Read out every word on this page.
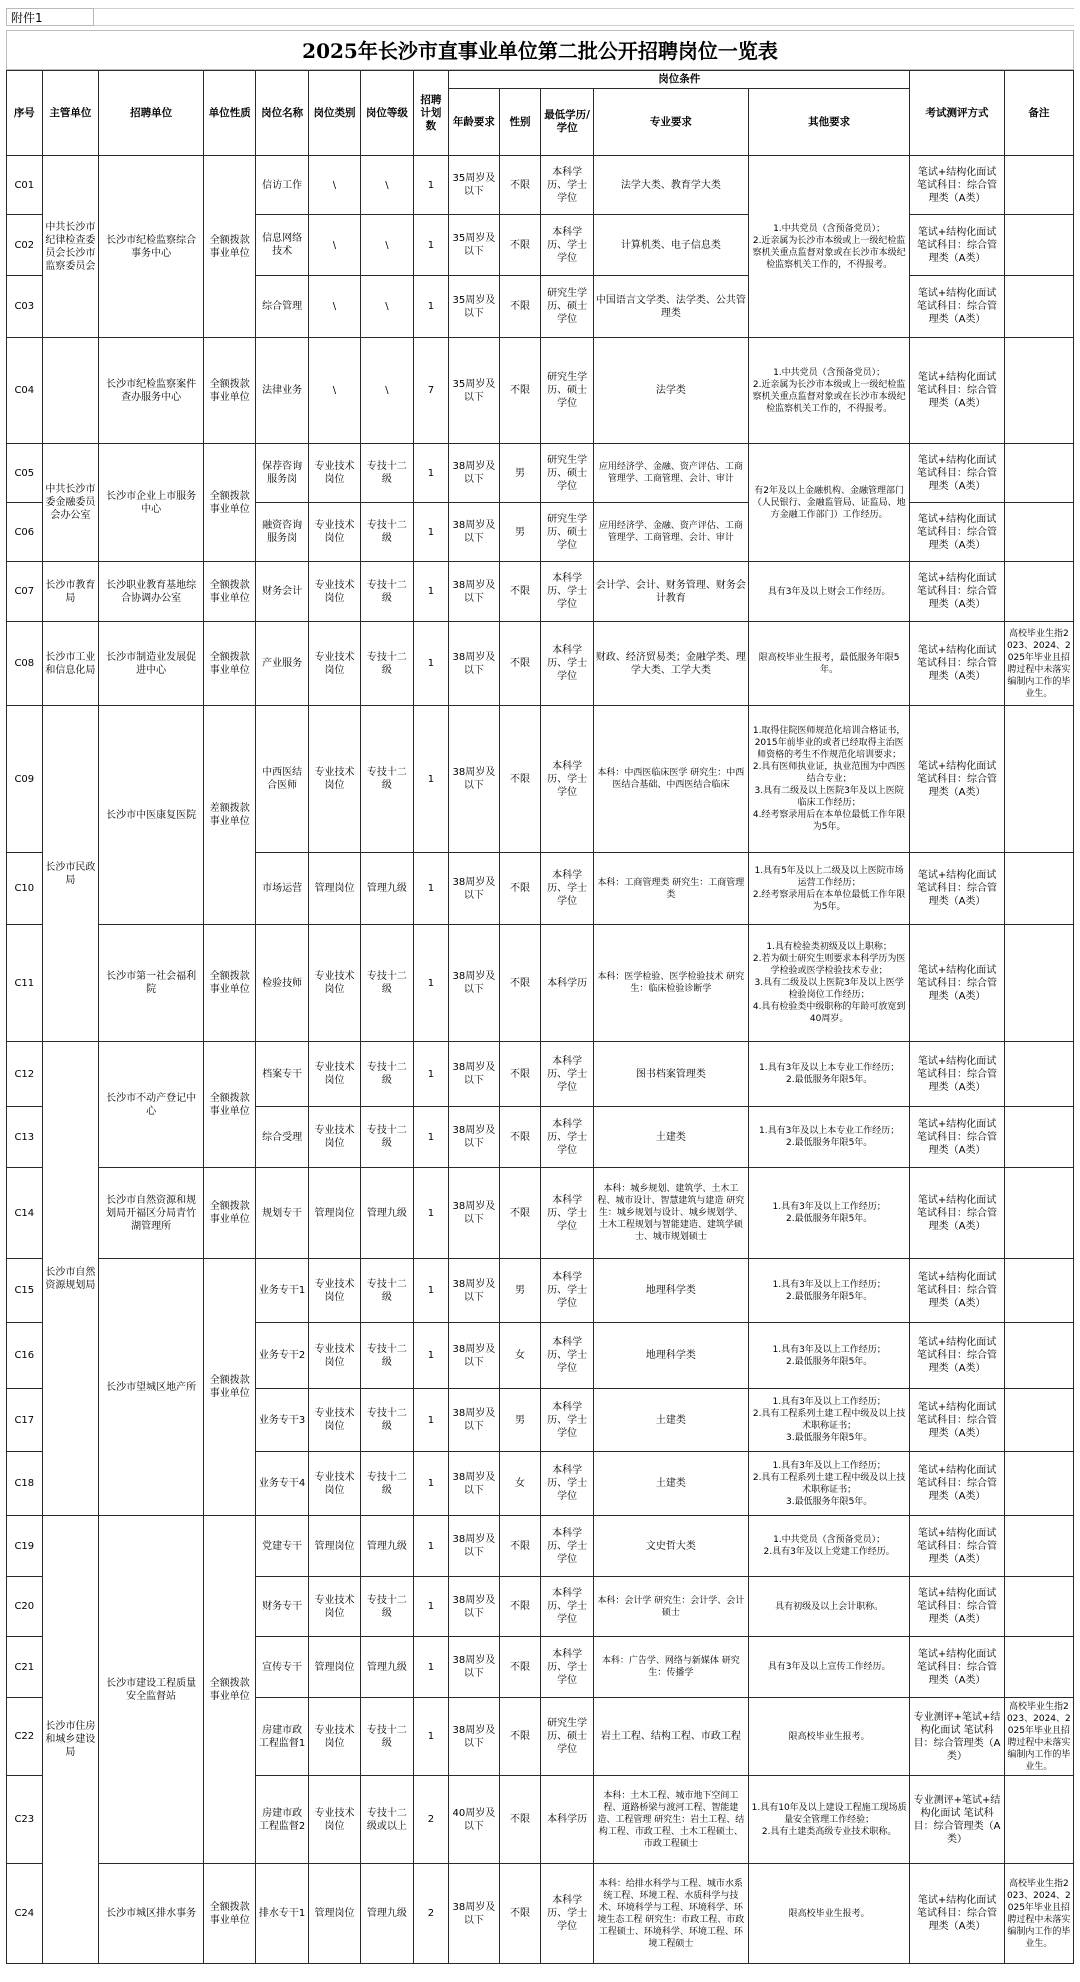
附件1
2025年长沙市直事业单位第二批公开招聘岗位一览表
序号	主管单位	招聘单位	单位性质	岗位名称	岗位类别	岗位等级	招聘计划数	岗位条件					考试测评方式	备注
								年龄要求	性别	最低学历/学位	专业要求	其他要求		
C01	中共长沙市纪律检查委员会长沙市监察委员会	长沙市纪检监察综合事务中心	全额拨款事业单位	信访工作	\	\	1	35周岁及以下	不限	本科学历、学士学位	法学大类、教育学大类	1.中共党员（含预备党员）；
2.近亲属为长沙市本级或上一级纪检监察机关重点监督对象或在长沙市本级纪检监察机关工作的，不得报考。	笔试+结构化面试 笔试科目：综合管理类（A类）	
C02				信息网络技术	\	\	1	35周岁及以下	不限	本科学历、学士学位	计算机类、电子信息类		笔试+结构化面试 笔试科目：综合管理类（A类）	
C03				综合管理	\	\	1	35周岁及以下	不限	研究生学历、硕士学位	中国语言文学类、法学类、公共管理类		笔试+结构化面试 笔试科目：综合管理类（A类）	
C04		长沙市纪检监察案件查办服务中心	全额拨款事业单位	法律业务	\	\	7	35周岁及以下	不限	研究生学历、硕士学位	法学类	1.中共党员（含预备党员）；
2.近亲属为长沙市本级或上一级纪检监察机关重点监督对象或在长沙市本级纪检监察机关工作的，不得报考。	笔试+结构化面试 笔试科目：综合管理类（A类）	
C05	中共长沙市委金融委员会办公室	长沙市企业上市服务中心	全额拨款事业单位	保荐咨询服务岗	专业技术岗位	专技十二级	1	38周岁及以下	男	研究生学历、硕士学位	应用经济学、金融、资产评估、工商管理学、工商管理、会计、审计	有2年及以上金融机构、金融管理部门（人民银行、金融监管局、证监局、地方金融工作部门）工作经历。	笔试+结构化面试 笔试科目：综合管理类（A类）	
C06				融资咨询服务岗	专业技术岗位	专技十二级	1	38周岁及以下	男	研究生学历、硕士学位	应用经济学、金融、资产评估、工商管理学、工商管理、会计、审计		笔试+结构化面试 笔试科目：综合管理类（A类）	
C07	长沙市教育局	长沙职业教育基地综合协调办公室	全额拨款事业单位	财务会计	专业技术岗位	专技十二级	1	38周岁及以下	不限	本科学历、学士学位	会计学、会计、财务管理、财务会计教育	具有3年及以上财会工作经历。	笔试+结构化面试 笔试科目：综合管理类（A类）	
C08	长沙市工业和信息化局	长沙市制造业发展促进中心	全额拨款事业单位	产业服务	专业技术岗位	专技十二级	1	38周岁及以下	不限	本科学历、学士学位	财政、经济贸易类；金融学类、理学大类、工学大类	限高校毕业生报考，最低服务年限5年。	笔试+结构化面试 笔试科目：综合管理类（A类）	高校毕业生指2023、2024、2025年毕业且招聘过程中未落实编制内工作的毕业生。
C09	长沙市民政局	长沙市中医康复医院	差额拨款事业单位	中西医结合医师	专业技术岗位	专技十二级	1	38周岁及以下	不限	本科学历、学士学位	本科：中西医临床医学 研究生：中西医结合基础、中西医结合临床	1.取得住院医师规范化培训合格证书，2015年前毕业的或者已经取得主治医师资格的考生不作规范化培训要求；
2.具有医师执业证，执业范围为中西医结合专业；
3.具有二级及以上医院3年及以上医院临床工作经历；
4.经考察录用后在本单位最低工作年限为5年。	笔试+结构化面试 笔试科目：综合管理类（A类）	
C10				市场运营	管理岗位	管理九级	1	38周岁及以下	不限	本科学历、学士学位	本科：工商管理类 研究生：工商管理类	1.具有5年及以上二级及以上医院市场运营工作经历；
2.经考察录用后在本单位最低工作年限为5年。	笔试+结构化面试 笔试科目：综合管理类（A类）	
C11		长沙市第一社会福利院	全额拨款事业单位	检验技师	专业技术岗位	专技十二级	1	38周岁及以下	不限	本科学历	本科：医学检验、医学检验技术 研究生：临床检验诊断学	1.具有检验类初级及以上职称；
2.若为硕士研究生则要求本科学历为医学检验或医学检验技术专业；
3.具有二级及以上医院3年及以上医学检验岗位工作经历；
4.具有检验类中级职称的年龄可放宽到40周岁。	笔试+结构化面试 笔试科目：综合管理类（A类）	
C12	长沙市自然资源规划局	长沙市不动产登记中心	全额拨款事业单位	档案专干	专业技术岗位	专技十二级	1	38周岁及以下	不限	本科学历、学士学位	图书档案管理类	1.具有3年及以上本专业工作经历；
2.最低服务年限5年。	笔试+结构化面试 笔试科目：综合管理类（A类）	
C13				综合受理	专业技术岗位	专技十二级	1	38周岁及以下	不限	本科学历、学士学位	土建类	1.具有3年及以上本专业工作经历；
2.最低服务年限5年。	笔试+结构化面试 笔试科目：综合管理类（A类）	
C14		长沙市自然资源和规划局开福区分局青竹湖管理所	全额拨款事业单位	规划专干	管理岗位	管理九级	1	38周岁及以下	不限	本科学历、学士学位	本科：城乡规划、建筑学、土木工程、城市设计、智慧建筑与建造 研究生：城乡规划与设计、城乡规划学、土木工程规划与智能建造、建筑学硕士、城市规划硕士	1.具有3年及以上工作经历；
2.最低服务年限5年。	笔试+结构化面试 笔试科目：综合管理类（A类）	
C15		长沙市望城区地产所	全额拨款事业单位	业务专干1	专业技术岗位	专技十二级	1	38周岁及以下	男	本科学历、学士学位	地理科学类	1.具有3年及以上工作经历；
2.最低服务年限5年。	笔试+结构化面试 笔试科目：综合管理类（A类）	
C16				业务专干2	专业技术岗位	专技十二级	1	38周岁及以下	女	本科学历、学士学位	地理科学类	1.具有3年及以上工作经历；
2.最低服务年限5年。	笔试+结构化面试 笔试科目：综合管理类（A类）	
C17				业务专干3	专业技术岗位	专技十二级	1	38周岁及以下	男	本科学历、学士学位	土建类	1.具有3年及以上工作经历；
2.具有工程系列土建工程中级及以上技术职称证书；
3.最低服务年限5年。	笔试+结构化面试 笔试科目：综合管理类（A类）	
C18				业务专干4	专业技术岗位	专技十二级	1	38周岁及以下	女	本科学历、学士学位	土建类	1.具有3年及以上工作经历；
2.具有工程系列土建工程中级及以上技术职称证书；
3.最低服务年限5年。	笔试+结构化面试 笔试科目：综合管理类（A类）	
C19	长沙市住房和城乡建设局	长沙市建设工程质量安全监督站	全额拨款事业单位	党建专干	管理岗位	管理九级	1	38周岁及以下	不限	本科学历、学士学位	文史哲大类	1.中共党员（含预备党员）；
2.具有3年及以上党建工作经历。	笔试+结构化面试 笔试科目：综合管理类（A类）	
C20				财务专干	专业技术岗位	专技十二级	1	38周岁及以下	不限	本科学历、学士学位	本科：会计学 研究生：会计学、会计硕士	具有初级及以上会计职称。	笔试+结构化面试 笔试科目：综合管理类（A类）	
C21				宣传专干	管理岗位	管理九级	1	38周岁及以下	不限	本科学历、学士学位	本科：广告学、网络与新媒体 研究生：传播学	具有3年及以上宣传工作经历。	笔试+结构化面试 笔试科目：综合管理类（A类）	
C22				房建市政工程监督1	专业技术岗位	专技十二级	1	38周岁及以下	不限	研究生学历、硕士学位	岩土工程、结构工程、市政工程	限高校毕业生报考。	专业测评+笔试+结构化面试 笔试科目：综合管理类（A类）	高校毕业生指2023、2024、2025年毕业且招聘过程中未落实编制内工作的毕业生。
C23				房建市政工程监督2	专业技术岗位	专技十二级或以上	2	40周岁及以下	不限	本科学历	本科：土木工程、城市地下空间工程、道路桥梁与渡河工程、智能建造、工程管理 研究生：岩土工程、结构工程、市政工程、土木工程硕士、市政工程硕士	1.具有10年及以上建设工程施工现场质量安全管理工作经验；
2.具有土建类高级专业技术职称。	专业测评+笔试+结构化面试 笔试科目：综合管理类（A类）	
C24		长沙市城区排水事务	全额拨款事业单位	排水专干1	管理岗位	管理九级	2	38周岁及以下	不限	本科学历、学士学位	本科：给排水科学与工程、城市水系统工程、环境工程、水质科学与技术、环境科学与工程、环境科学、环境生态工程 研究生：市政工程、市政工程硕士、环境科学、环境工程、环境工程硕士	限高校毕业生报考。	笔试+结构化面试 笔试科目：综合管理类（A类）	高校毕业生指2023、2024、2025年毕业且招聘过程中未落实编制内工作的毕业生。
